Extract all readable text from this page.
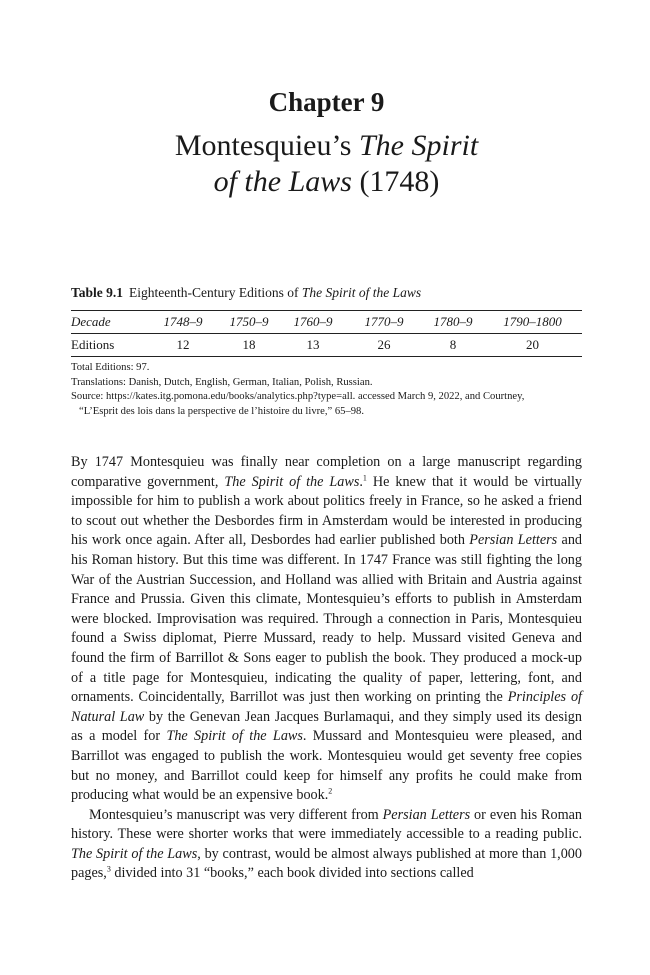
Chapter 9
Montesquieu’s The Spirit
of the Laws (1748)
Table 9.1 Eighteenth-Century Editions of The Spirit of the Laws
Decade	1748–9	1750–9	1760–9	1770–9	1780–9	1790–1800
Editions	12	18	13	26	8	20
Total Editions: 97.
Translations: Danish, Dutch, English, German, Italian, Polish, Russian.
Source: https://kates.itg.pomona.edu/books/analytics.php?type=all. accessed March 9, 2022, and Courtney,
“L’Esprit des lois dans la perspective de l’histoire du livre,” 65–98.

By 1747 Montesquieu was finally near completion on a large manuscript regarding comparative government, The Spirit of the Laws.$^1$ He knew that it would be virtually impossible for him to publish a work about politics freely in France, so he asked a friend to scout out whether the Desbordes firm in Amsterdam would be interested in producing his work once again. After all, Desbordes had earlier published both Persian Letters and his Roman history. But this time was different. In 1747 France was still fighting the long War of the Austrian Succession, and Holland was allied with Britain and Austria against France and Prussia. Given this climate, Montesquieu’s efforts to publish in Amsterdam were blocked. Improvisation was required. Through a connection in Paris, Montesquieu found a Swiss diplomat, Pierre Mussard, ready to help. Mussard visited Geneva and found the firm of Barrillot & Sons eager to publish the book. They produced a mock-up of a title page for Montesquieu, indicating the quality of paper, lettering, font, and ornaments. Coincidentally, Barrillot was just then working on printing the Principles of Natural Law by the Genevan Jean Jacques Burlamaqui, and they simply used its design as a model for The Spirit of the Laws. Mussard and Montesquieu were pleased, and Barrillot was engaged to publish the work. Montesquieu would get seventy free copies but no money, and Barrillot could keep for himself any profits he could make from producing what would be an expensive book.$^2$

Montesquieu’s manuscript was very different from Persian Letters or even his Roman history. These were shorter works that were immediately accessible to a reading public. The Spirit of the Laws, by contrast, would be almost always published at more than 1,000 pages,$^3$ divided into 31 “books,” each book divided into sections called
